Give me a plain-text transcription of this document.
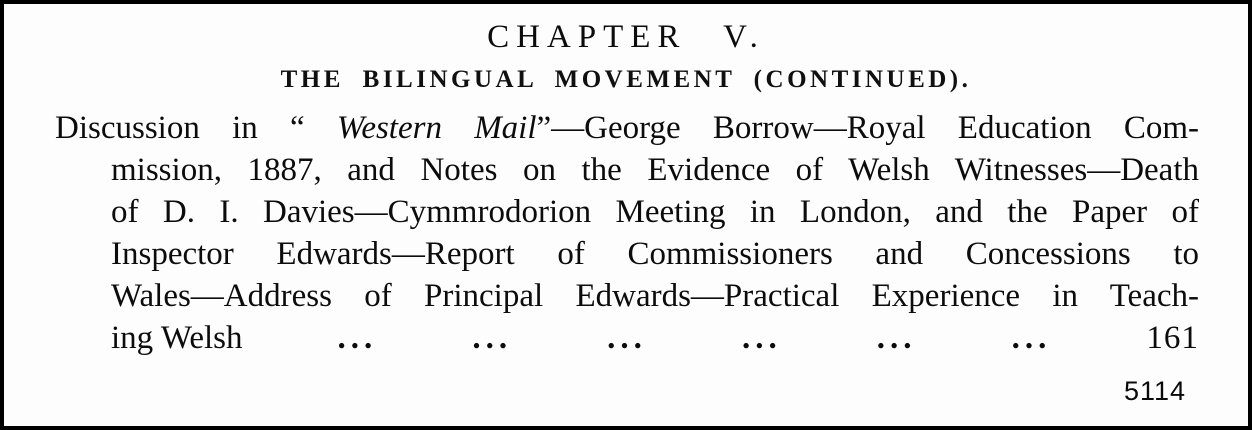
CHAPTER V.
THE BILINGUAL MOVEMENT (CONTINUED).
Discussion in “ Western Mail”—George Borrow—Royal Education Com-
mission, 1887, and Notes on the Evidence of Welsh Witnesses—Death
of D. I. Davies—Cymmrodorion Meeting in London, and the Paper of
Inspector Edwards—Report of Commissioners and Concessions to
Wales—Address of Principal Edwards—Practical Experience in Teach-
ing Welsh	...	...	...	...	...	...	161
5114
